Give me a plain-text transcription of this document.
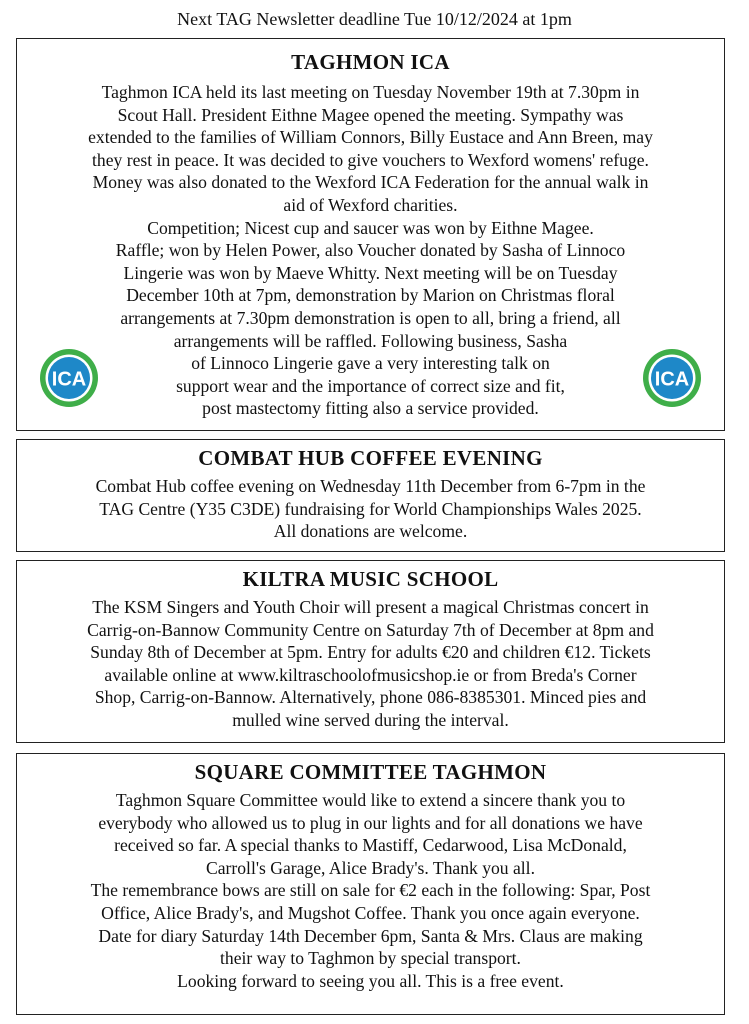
Next TAG Newsletter deadline Tue 10/12/2024 at 1pm
TAGHMON ICA

Taghmon ICA held its last meeting on Tuesday November 19th at 7.30pm in

Scout Hall. President Eithne Magee opened the meeting. Sympathy was

extended to the families of William Connors, Billy Eustace and Ann Breen, may

they rest in peace. It was decided to give vouchers to Wexford womens' refuge.

Money was also donated to the Wexford ICA Federation for the annual walk in

aid of Wexford charities.

Competition; Nicest cup and saucer was won by Eithne Magee.

Raffle; won by Helen Power, also Voucher donated by Sasha of Linnoco

Lingerie was won by Maeve Whitty. Next meeting will be on Tuesday

December 10th at 7pm, demonstration by Marion on Christmas floral

arrangements at 7.30pm demonstration is open to all, bring a friend, all

arrangements will be raffled. Following business, Sasha

of Linnoco Lingerie gave a very interesting talk on

support wear and the importance of correct size and fit,

post mastectomy fitting also a service provided.

ICA	ICA
COMBAT HUB COFFEE EVENING

Combat Hub coffee evening on Wednesday 11th December from 6-7pm in the

TAG Centre (Y35 C3DE) fundraising for World Championships Wales 2025.

All donations are welcome.

KILTRA MUSIC SCHOOL

The KSM Singers and Youth Choir will present a magical Christmas concert in

Carrig-on-Bannow Community Centre on Saturday 7th of December at 8pm and

Sunday 8th of December at 5pm. Entry for adults €20 and children €12. Tickets

available online at www.kiltraschoolofmusicshop.ie or from Breda's Corner

Shop, Carrig-on-Bannow. Alternatively, phone 086-8385301. Minced pies and

mulled wine served during the interval.

SQUARE COMMITTEE TAGHMON

Taghmon Square Committee would like to extend a sincere thank you to

everybody who allowed us to plug in our lights and for all donations we have

received so far. A special thanks to Mastiff, Cedarwood, Lisa McDonald,

Carroll's Garage, Alice Brady's. Thank you all.

The remembrance bows are still on sale for €2 each in the following: Spar, Post

Office, Alice Brady's, and Mugshot Coffee. Thank you once again everyone.

Date for diary Saturday 14th December 6pm, Santa & Mrs. Claus are making

their way to Taghmon by special transport.

Looking forward to seeing you all. This is a free event.
